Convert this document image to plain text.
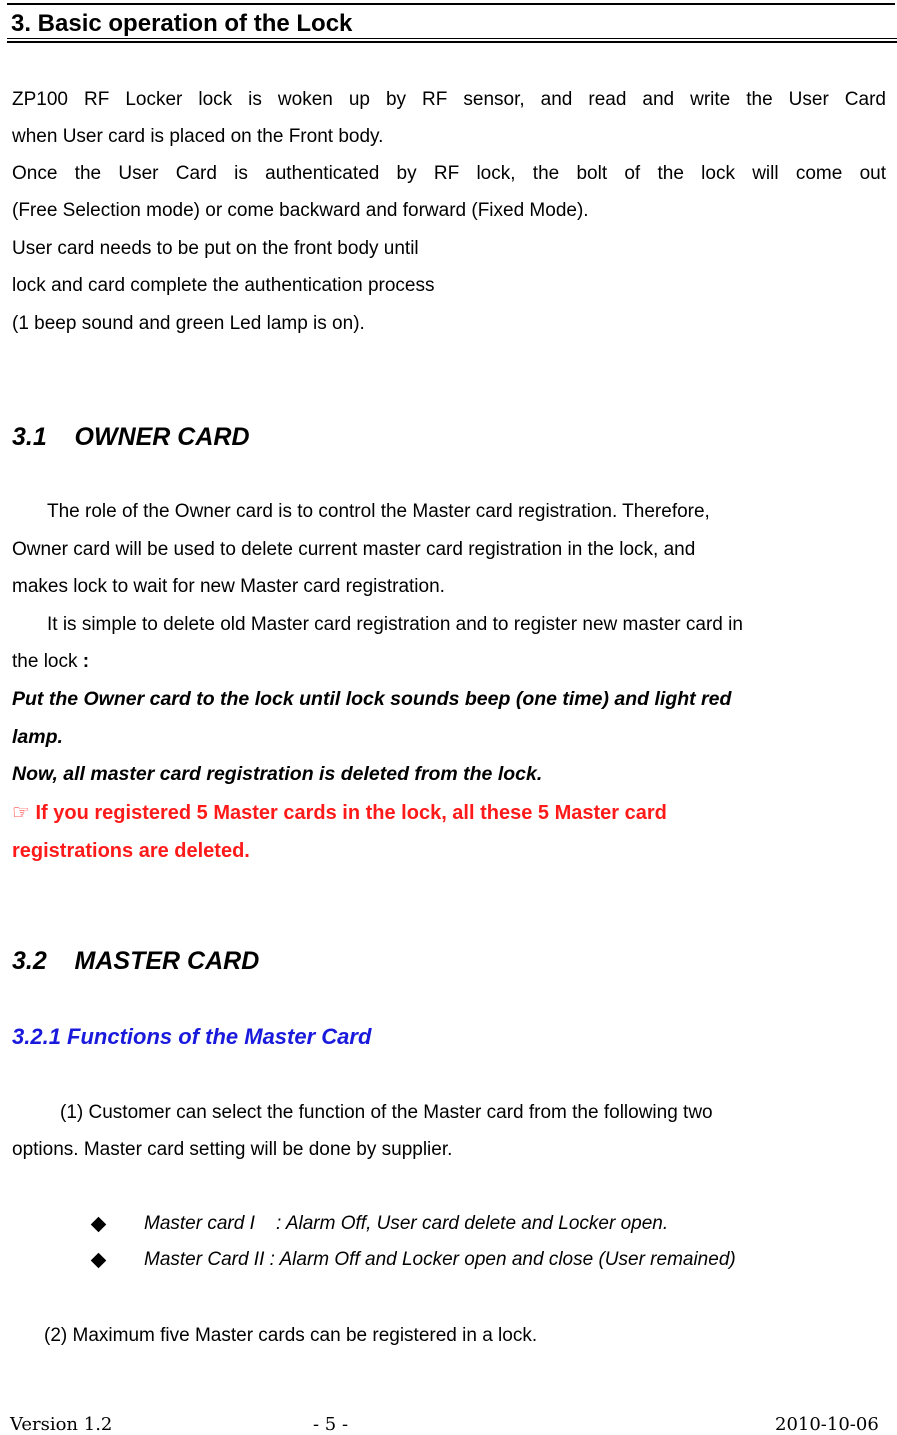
3. Basic operation of the Lock

ZP100 RF Locker lock is woken up by RF sensor, and read and write the User Card

when User card is placed on the Front body.

Once  the  User  Card  is  authenticated  by  RF  lock,  the  bolt  of  the  lock  will  come  out

(Free Selection mode) or come backward and forward (Fixed Mode).

User card needs to be put on the front body until

lock and card complete the authentication process

(1 beep sound and green Led lamp is on).

3.1    OWNER CARD

The role of the Owner card is to control the Master card registration. Therefore,

Owner card will be used to delete current master card registration in the lock, and

makes lock to wait for new Master card registration.

It is simple to delete old Master card registration and to register new master card in

the lock :

Put the Owner card to the lock until lock sounds beep (one time) and light red

lamp.

Now, all master card registration is deleted from the lock.

☞ If you registered 5 Master cards in the lock, all these 5 Master card

registrations are deleted.

3.2    MASTER CARD
3.2.1 Functions of the Master Card

(1) Customer can select the function of the Master card from the following two

options. Master card setting will be done by supplier.

Master card I    : Alarm Off, User card delete and Locker open.

Master Card II : Alarm Off and Locker open and close (User remained)

(2) Maximum five Master cards can be registered in a lock.

Version 1.2	- 5 -	2010-10-06
